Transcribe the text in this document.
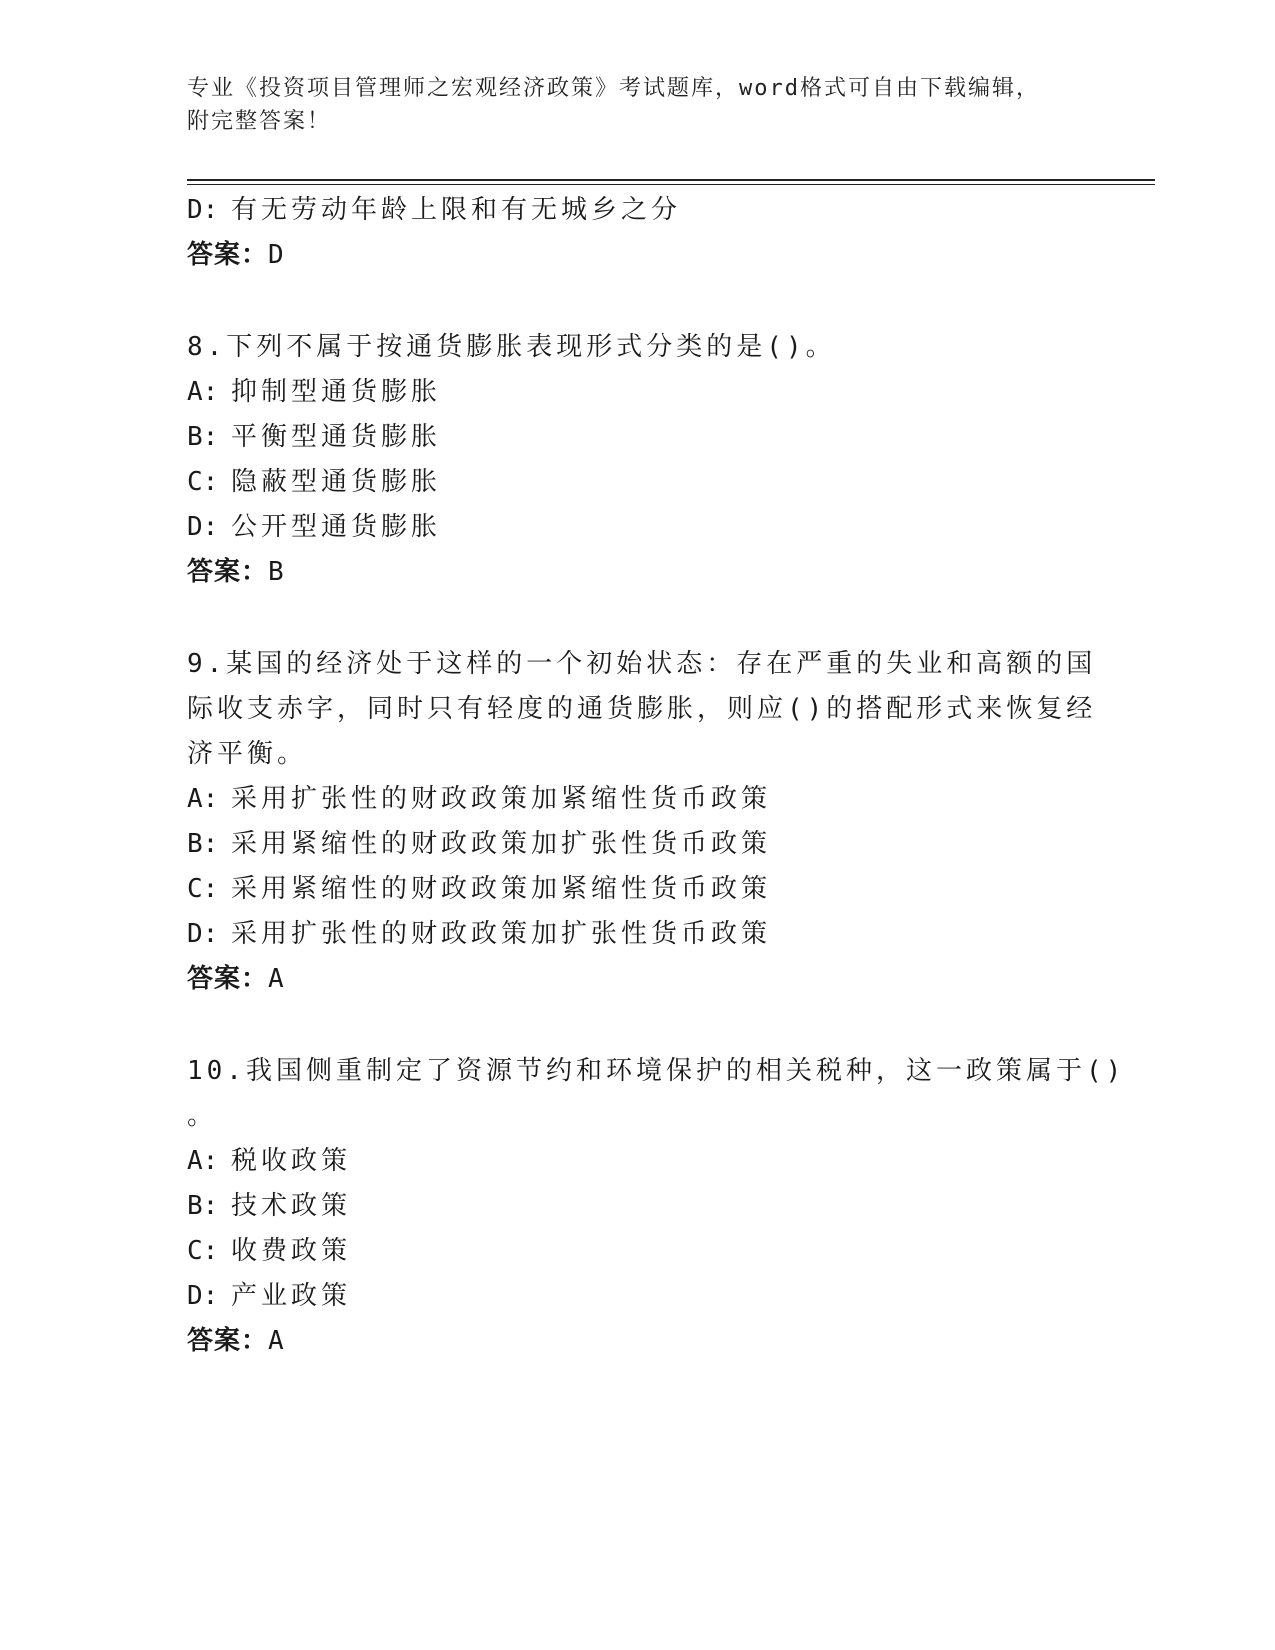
专业《投资项目管理师之宏观经济政策》考试题库，word格式可自由下载编辑，
附完整答案！
D: 有无劳动年龄上限和有无城乡之分
答案：D
8.下列不属于按通货膨胀表现形式分类的是()。
A: 抑制型通货膨胀
B: 平衡型通货膨胀
C: 隐蔽型通货膨胀
D: 公开型通货膨胀
答案：B
9.某国的经济处于这样的一个初始状态：存在严重的失业和高额的国
际收支赤字，同时只有轻度的通货膨胀，则应()的搭配形式来恢复经
济平衡。
A: 采用扩张性的财政政策加紧缩性货币政策
B: 采用紧缩性的财政政策加扩张性货币政策
C: 采用紧缩性的财政政策加紧缩性货币政策
D: 采用扩张性的财政政策加扩张性货币政策
答案：A
10.我国侧重制定了资源节约和环境保护的相关税种，这一政策属于()
。
A: 税收政策
B: 技术政策
C: 收费政策
D: 产业政策
答案：A
